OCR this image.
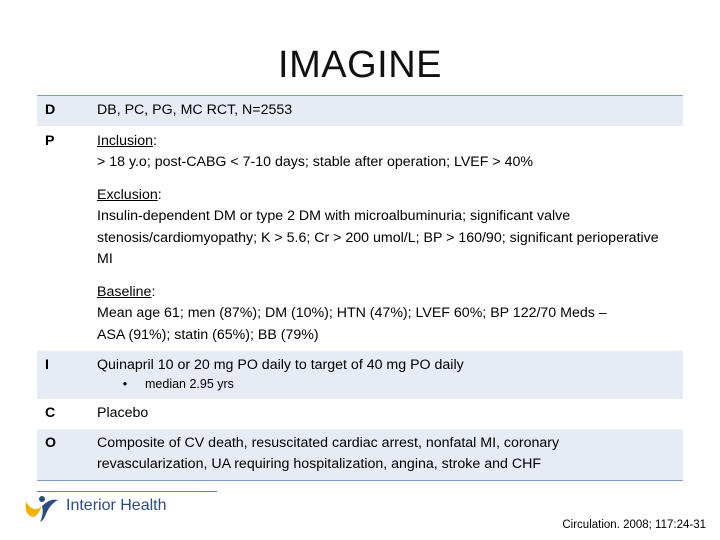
IMAGINE
D	DB, PC, PG, MC RCT, N=2553
P	Inclusion:
> 18 y.o; post-CABG < 7-10 days; stable after operation; LVEF > 40%
Exclusion:
Insulin-dependent DM or type 2 DM with microalbuminuria; significant valve stenosis/cardiomyopathy; K > 5.6; Cr > 200 umol/L; BP > 160/90; significant perioperative MI
Baseline:
Mean age 61; men (87%); DM (10%); HTN (47%); LVEF 60%; BP 122/70 Meds – ASA (91%); statin (65%); BB (79%)
I	Quinapril 10 or 20 mg PO daily to target of 40 mg PO daily
• median 2.95 yrs
C	Placebo
O	Composite of CV death, resuscitated cardiac arrest, nonfatal MI, coronary revascularization, UA requiring hospitalization, angina, stroke and CHF
Interior Health
Circulation. 2008; 117:24-31
